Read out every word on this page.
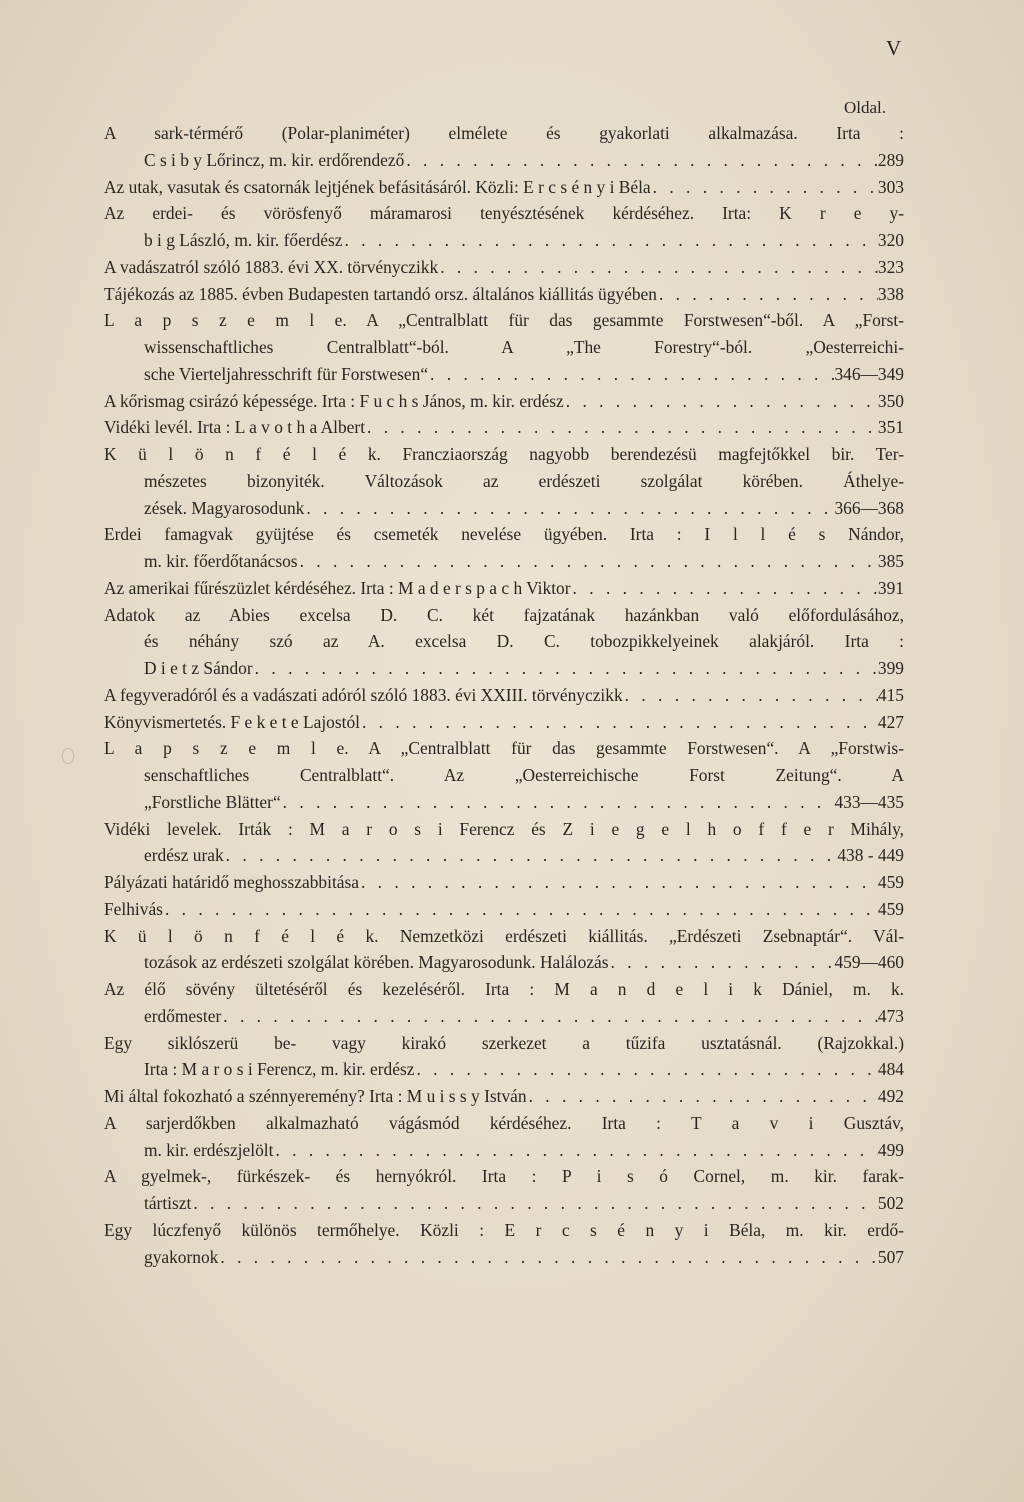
V
Oldal.
A sark-térmérő (Polar-planiméter) elmélete és gyakorlati alkalmazása. Irta :
C s i b y Lőrincz, m. kir. erdőrendező . . .	289
Az utak, vasutak és csatornák lejtjének befásitásáról. Közli: E r c s é n y i Béla . . .	303
Az erdei- és vörösfenyő máramarosi tenyésztésének kérdéséhez. Irta: K r e y-
b i g László, m. kir. főerdész . . .	320
A vadászatról szóló 1883. évi XX. törvényczikk . . .	323
Tájékozás az 1885. évben Budapesten tartandó orsz. általános kiállitás ügyében . . .	338
L a p s z e m l e. A „Centralblatt für das gesammte Forstwesen“-ből. A „Forst-
wissenschaftliches Centralblatt“-ból. A „The Forestry“-ból. „Oesterreichi-
sche Vierteljahresschrift für Forstwesen“ . . .	346—349
A kőrismag csirázó képessége. Irta : F u c h s János, m. kir. erdész . . .	350
Vidéki levél. Irta : L a v o t h a Albert . . .	351
K ü l ö n f é l é k. Francziaország nagyobb berendezésü magfejtőkkel bir. Ter-
mészetes bizonyiték. Változások az erdészeti szolgálat körében. Áthelye-
zések. Magyarosodunk . . .	366—368
Erdei famagvak gyüjtése és csemeték nevelése ügyében. Irta : I l l é s Nándor,
m. kir. főerdőtanácsos . . .	385
Az amerikai fűrészüzlet kérdéséhez. Irta : M a d e r s p a c h Viktor . . .	391
Adatok az Abies excelsa D. C. két fajzatának hazánkban való előfordulásához,
és néhány szó az A. excelsa D. C. tobozpikkelyeinek alakjáról. Irta :
D i e t z Sándor . . .	399
A fegyveradóról és a vadászati adóról szóló 1883. évi XXIII. törvényczikk . . .	415
Könyvismertetés. F e k e t e Lajostól . . .	427
L a p s z e m l e. A „Centralblatt für das gesammte Forstwesen“. A „Forstwis-
senschaftliches Centralblatt“. Az „Oesterreichische Forst Zeitung“. A
„Forstliche Blätter“ . . .	433—435
Vidéki levelek. Irták : M a r o s i Ferencz és Z i e g e l h o f f e r Mihály,
erdész urak . . .	438 - 449
Pályázati határidő meghosszabbitása . . .	459
Felhivás . . .	459
K ü l ö n f é l é k. Nemzetközi erdészeti kiállitás. „Erdészeti Zsebnaptár“. Vál-
tozások az erdészeti szolgálat körében. Magyarosodunk. Halálozás . . .	459—460
Az élő sövény ültetéséről és kezeléséről. Irta : M a n d e l i k Dániel, m. k.
erdőmester . . .	473
Egy siklószerü be- vagy kirakó szerkezet a tűzifa usztatásnál. (Rajzokkal.)
Irta : M a r o s i Ferencz, m. kir. erdész . . .	484
Mi által fokozható a szénnyeremény? Irta : M u i s s y István . . .	492
A sarjerdőkben alkalmazható vágásmód kérdéséhez. Irta : T a v i Gusztáv,
m. kir. erdészjelölt . . .	499
A gyelmek-, fürkészek- és hernyókról. Irta : P i s ó Cornel, m. kir. farak-
tártiszt . . .	502
Egy lúczfenyő különös termőhelye. Közli : E r c s é n y i Béla, m. kir. erdő-
gyakornok . . .	507
